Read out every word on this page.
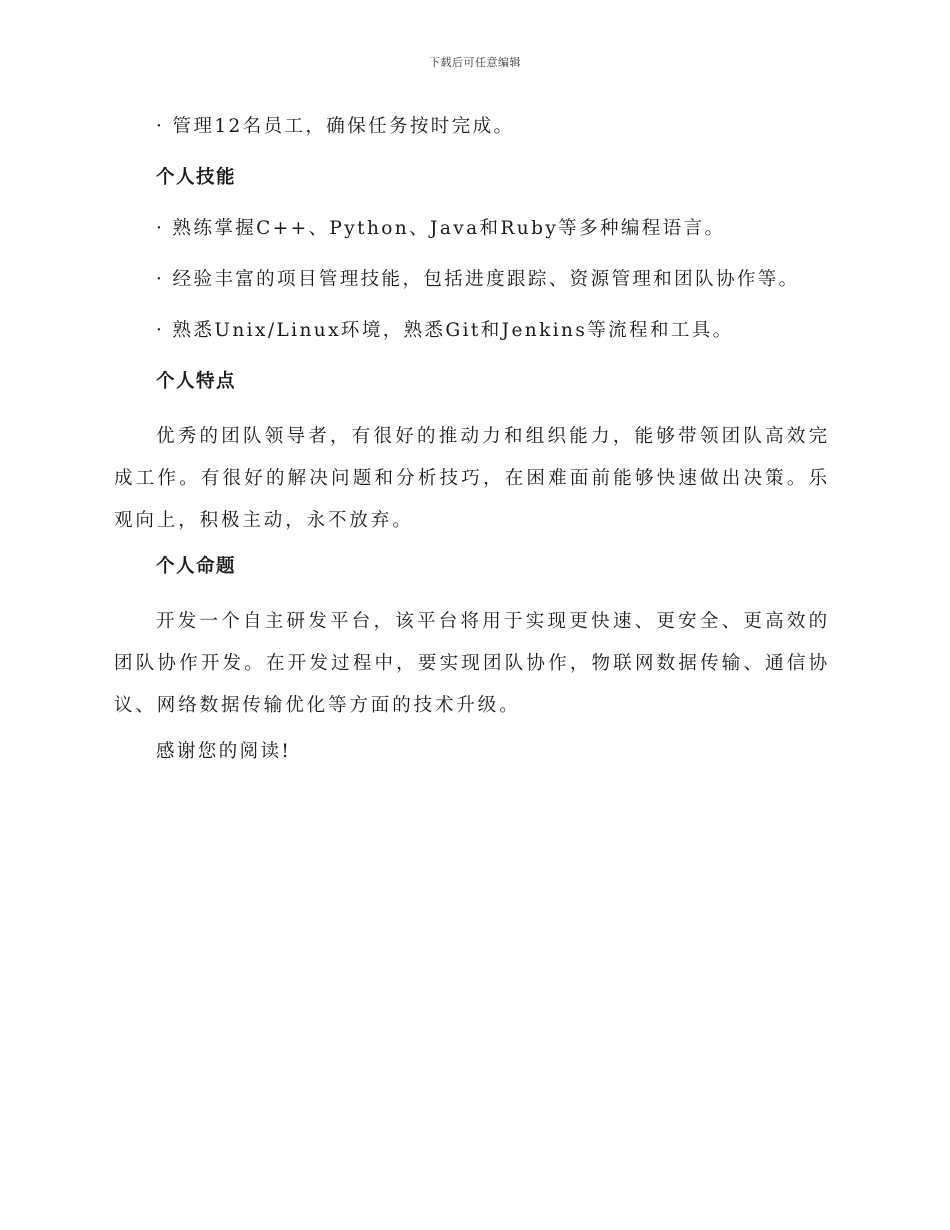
下载后可任意编辑

· 管理12名员工，确保任务按时完成。

个人技能

· 熟练掌握C++、Python、Java和Ruby等多种编程语言。

· 经验丰富的项目管理技能，包括进度跟踪、资源管理和团队协作等。

· 熟悉Unix/Linux环境，熟悉Git和Jenkins等流程和工具。

个人特点

优秀的团队领导者，有很好的推动力和组织能力，能够带领团队高效完成工作。有很好的解决问题和分析技巧，在困难面前能够快速做出决策。乐观向上，积极主动，永不放弃。

个人命题

开发一个自主研发平台，该平台将用于实现更快速、更安全、更高效的团队协作开发。在开发过程中，要实现团队协作，物联网数据传输、通信协议、网络数据传输优化等方面的技术升级。

感谢您的阅读!
